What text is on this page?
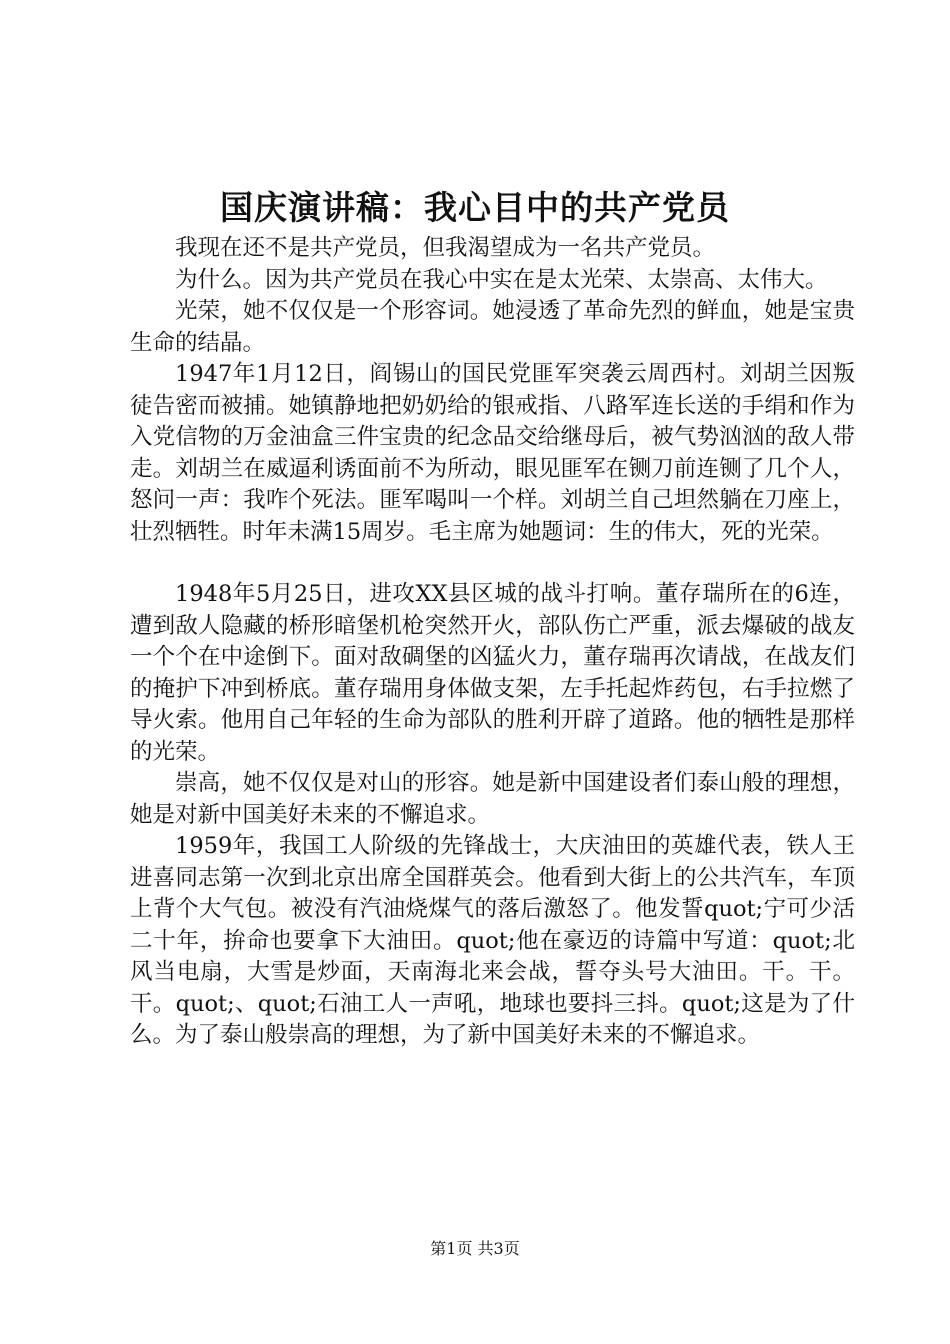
国庆演讲稿：我心目中的共产党员

我现在还不是共产党员，但我渴望成为一名共产党员。

为什么。因为共产党员在我心中实在是太光荣、太崇高、太伟大。

光荣，她不仅仅是一个形容词。她浸透了革命先烈的鲜血，她是宝贵生命的结晶。

1947年1月12日，阎锡山的国民党匪军突袭云周西村。刘胡兰因叛徒告密而被捕。她镇静地把奶奶给的银戒指、八路军连长送的手绢和作为入党信物的万金油盒三件宝贵的纪念品交给继母后，被气势汹汹的敌人带走。刘胡兰在威逼利诱面前不为所动，眼见匪军在铡刀前连铡了几个人，怒问一声：我咋个死法。匪军喝叫一个样。刘胡兰自己坦然躺在刀座上，壮烈牺牲。时年未满15周岁。毛主席为她题词：生的伟大，死的光荣。

1948年5月25日，进攻XX县区城的战斗打响。董存瑞所在的6连，遭到敌人隐藏的桥形暗堡机枪突然开火，部队伤亡严重，派去爆破的战友一个个在中途倒下。面对敌碉堡的凶猛火力，董存瑞再次请战，在战友们的掩护下冲到桥底。董存瑞用身体做支架，左手托起炸药包，右手拉燃了导火索。他用自己年轻的生命为部队的胜利开辟了道路。他的牺牲是那样的光荣。

崇高，她不仅仅是对山的形容。她是新中国建设者们泰山般的理想，她是对新中国美好未来的不懈追求。

1959年，我国工人阶级的先锋战士，大庆油田的英雄代表，铁人王进喜同志第一次到北京出席全国群英会。他看到大街上的公共汽车，车顶上背个大气包。被没有汽油烧煤气的落后激怒了。他发誓quot;宁可少活二十年，拚命也要拿下大油田。quot;他在豪迈的诗篇中写道：quot;北风当电扇，大雪是炒面，天南海北来会战，誓夺头号大油田。干。干。干。quot;、quot;石油工人一声吼，地球也要抖三抖。quot;这是为了什么。为了泰山般崇高的理想，为了新中国美好未来的不懈追求。

第1页 共3页
